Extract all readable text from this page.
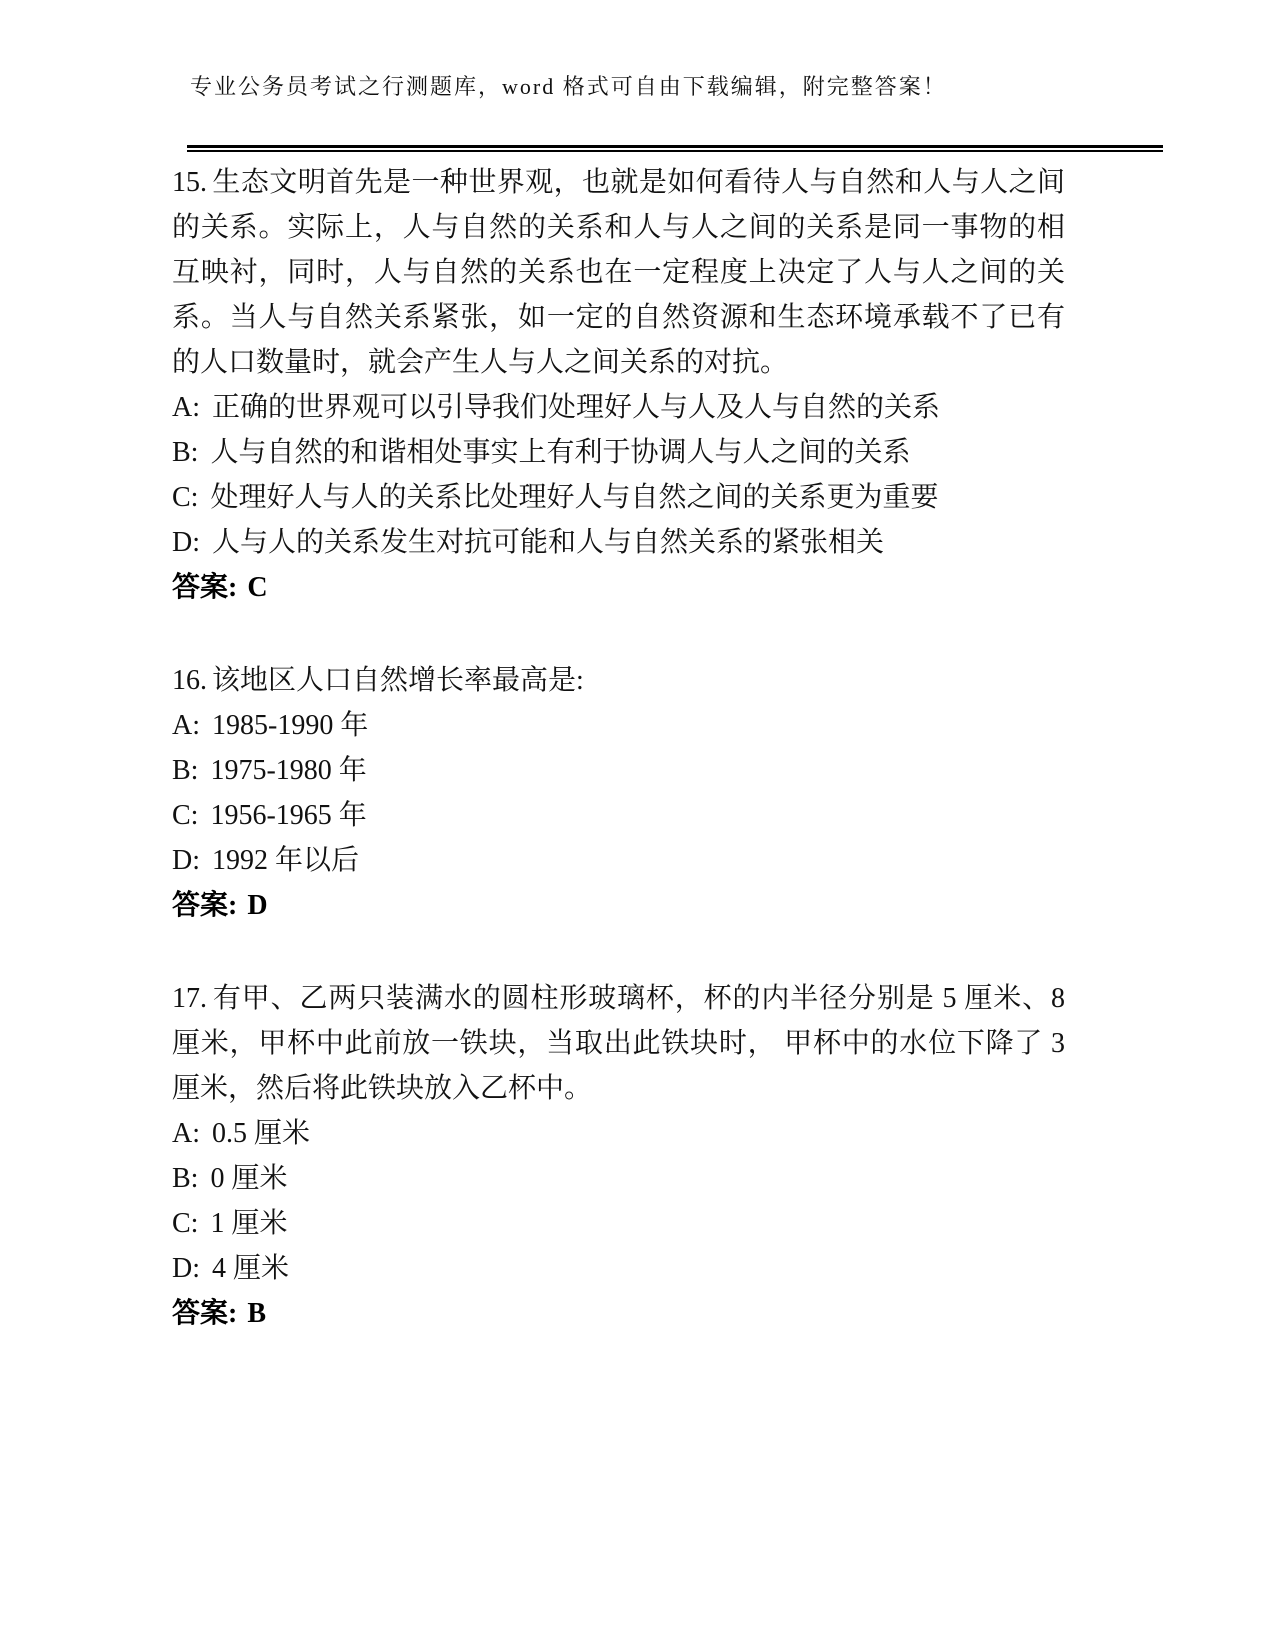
专业公务员考试之行测题库，word 格式可自由下载编辑，附完整答案！

15. 生态文明首先是一种世界观，也就是如何看待人与自然和人与人之间的关系。实际上，人与自然的关系和人与人之间的关系是同一事物的相互映衬，同时，人与自然的关系也在一定程度上决定了人与人之间的关系。当人与自然关系紧张，如一定的自然资源和生态环境承载不了已有的人口数量时，就会产生人与人之间关系的对抗。

A: 正确的世界观可以引导我们处理好人与人及人与自然的关系
B: 人与自然的和谐相处事实上有利于协调人与人之间的关系
C: 处理好人与人的关系比处理好人与自然之间的关系更为重要
D: 人与人的关系发生对抗可能和人与自然关系的紧张相关
答案: C

16. 该地区人口自然增长率最高是:

A: 1985-1990 年
B: 1975-1980 年
C: 1956-1965 年
D: 1992 年以后
答案: D

17. 有甲、乙两只装满水的圆柱形玻璃杯，杯的内半径分别是 5 厘米、8 厘米，甲杯中此前放一铁块，当取出此铁块时， 甲杯中的水位下降了 3 厘米，然后将此铁块放入乙杯中。

A: 0.5 厘米
B: 0 厘米
C: 1 厘米
D: 4 厘米
答案: B
